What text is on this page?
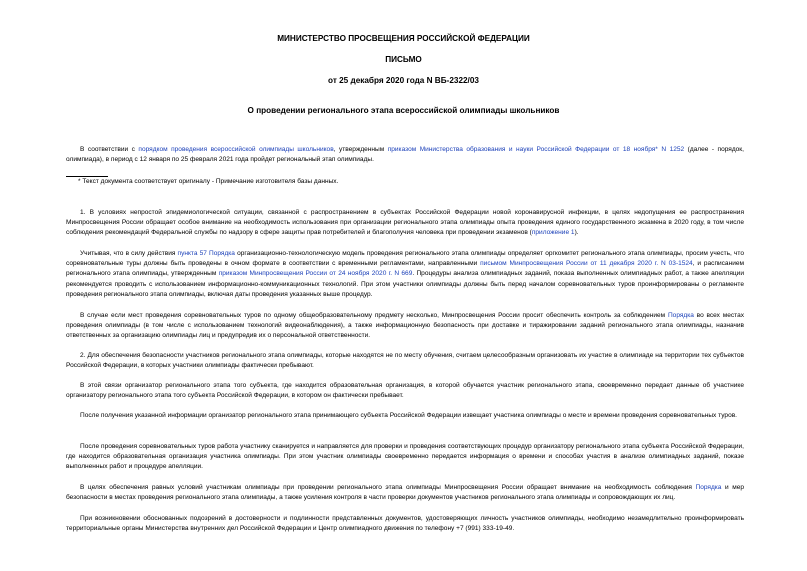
МИНИСТЕРСТВО ПРОСВЕЩЕНИЯ РОССИЙСКОЙ ФЕДЕРАЦИИ
ПИСЬМО
от 25 декабря 2020 года N ВБ-2322/03
О проведении регионального этапа всероссийской олимпиады школьников
В соответствии с порядком проведения всероссийской олимпиады школьников, утвержденным приказом Министерства образования и науки Российской Федерации от 18 ноября* N 1252 (далее - порядок, олимпиада), в период с 12 января по 25 февраля 2021 года пройдет региональный этап олимпиады.
* Текст документа соответствует оригиналу - Примечание изготовителя базы данных.
1. В условиях непростой эпидемиологической ситуации, связанной с распространением в субъектах Российской Федерации новой коронавирусной инфекции, в целях недопущения ее распространения Минпросвещения России обращает особое внимание на необходимость использования при организации регионального этапа олимпиады опыта проведения единого государственного экзамена в 2020 году, в том числе соблюдения рекомендаций Федеральной службы по надзору в сфере защиты прав потребителей и благополучия человека при проведении экзаменов (приложение 1).
Учитывая, что в силу действия пункта 57 Порядка организационно-технологическую модель проведения регионального этапа олимпиады определяет оргкомитет регионального этапа олимпиады, просим учесть, что соревновательные туры должны быть проведены в очном формате в соответствии с временными регламентами, направленными письмом Минпросвещения России от 11 декабря 2020 г. N 03-1524, и расписанием регионального этапа олимпиады, утвержденным приказом Минпросвещения России от 24 ноября 2020 г. N 669. Процедуры анализа олимпиадных заданий, показа выполненных олимпиадных работ, а также апелляции рекомендуется проводить с использованием информационно-коммуникационных технологий. При этом участники олимпиады должны быть перед началом соревновательных туров проинформированы о регламенте проведения регионального этапа олимпиады, включая даты проведения указанных выше процедур.
В случае если мест проведения соревновательных туров по одному общеобразовательному предмету несколько, Минпросвещения России просит обеспечить контроль за соблюдением Порядка во всех местах проведения олимпиады (в том числе с использованием технологий видеонаблюдения), а также информационную безопасность при доставке и тиражировании заданий регионального этапа олимпиады, назначив ответственных за организацию олимпиады лиц и предупредив их о персональной ответственности.
2. Для обеспечения безопасности участников регионального этапа олимпиады, которые находятся не по месту обучения, считаем целесообразным организовать их участие в олимпиаде на территории тех субъектов Российской Федерации, в которых участники олимпиады фактически пребывают.
В этой связи организатор регионального этапа того субъекта, где находится образовательная организация, в которой обучается участник регионального этапа, своевременно передает данные об участнике организатору регионального этапа того субъекта Российской Федерации, в котором он фактически пребывает.
После получения указанной информации организатор регионального этапа принимающего субъекта Российской Федерации извещает участника олимпиады о месте и времени проведения соревновательных туров.
После проведения соревновательных туров работа участнику сканируется и направляется для проверки и проведения соответствующих процедур организатору регионального этапа субъекта Российской Федерации, где находится образовательная организация участника олимпиады. При этом участник олимпиады своевременно передается информация о времени и способах участия в анализе олимпиадных заданий, показе выполненных работ и процедуре апелляции.
В целях обеспечения равных условий участникам олимпиады при проведении регионального этапа олимпиады Минпросвещения России обращает внимание на необходимость соблюдения Порядка и мер безопасности в местах проведения регионального этапа олимпиады, а также усиления контроля в части проверки документов участников регионального этапа олимпиады и сопровождающих их лиц.
При возникновении обоснованных подозрений в достоверности и подлинности представленных документов, удостоверяющих личность участников олимпиады, необходимо незамедлительно проинформировать территориальные органы Министерства внутренних дел Российской Федерации и Центр олимпиадного движения по телефону +7 (991) 333-19-49.
